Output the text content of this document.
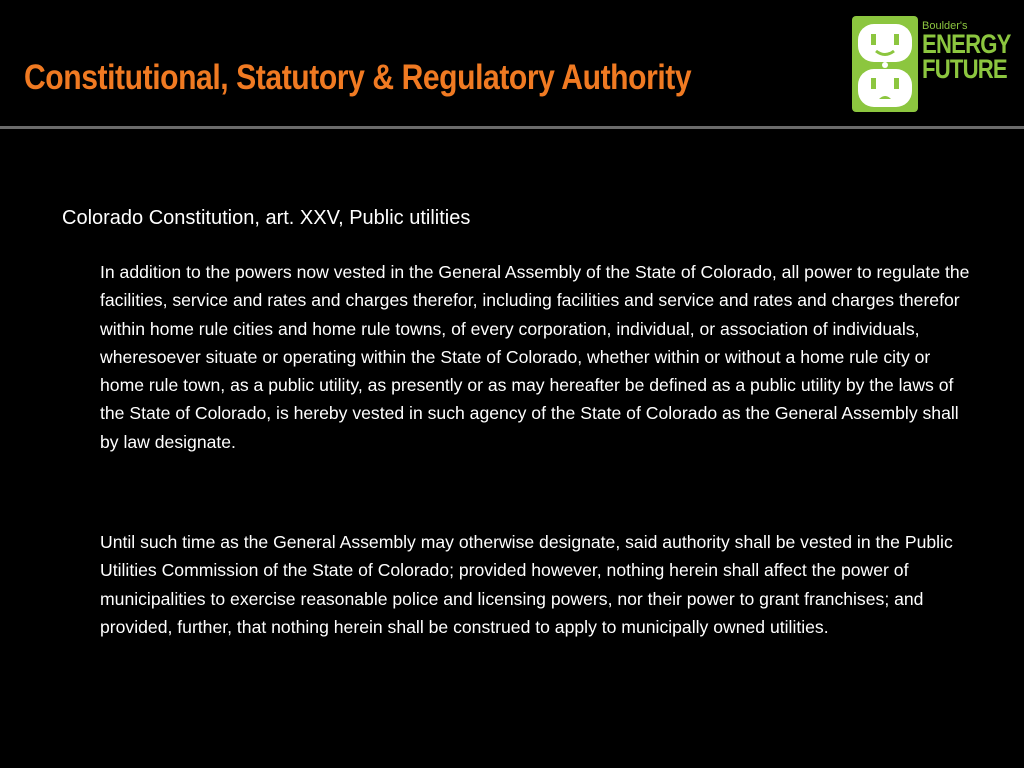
Constitutional, Statutory & Regulatory Authority
Boulder's
ENERGY
FUTURE

Colorado Constitution, art. XXV, Public utilities

In addition to the powers now vested in the General Assembly of the State of Colorado, all power to regulate the facilities, service and rates and charges therefor, including facilities and service and rates and charges therefor within home rule cities and home rule towns, of every corporation, individual, or association of individuals, wheresoever situate or operating within the State of Colorado, whether within or without a home rule city or home rule town, as a public utility, as presently or as may hereafter be defined as a public utility by the laws of the State of Colorado, is hereby vested in such agency of the State of Colorado as the General Assembly shall by law designate.

Until such time as the General Assembly may otherwise designate, said authority shall be vested in the Public Utilities Commission of the State of Colorado; provided however, nothing herein shall affect the power of municipalities to exercise reasonable police and licensing powers, nor their power to grant franchises; and provided, further, that nothing herein shall be construed to apply to municipally owned utilities.
